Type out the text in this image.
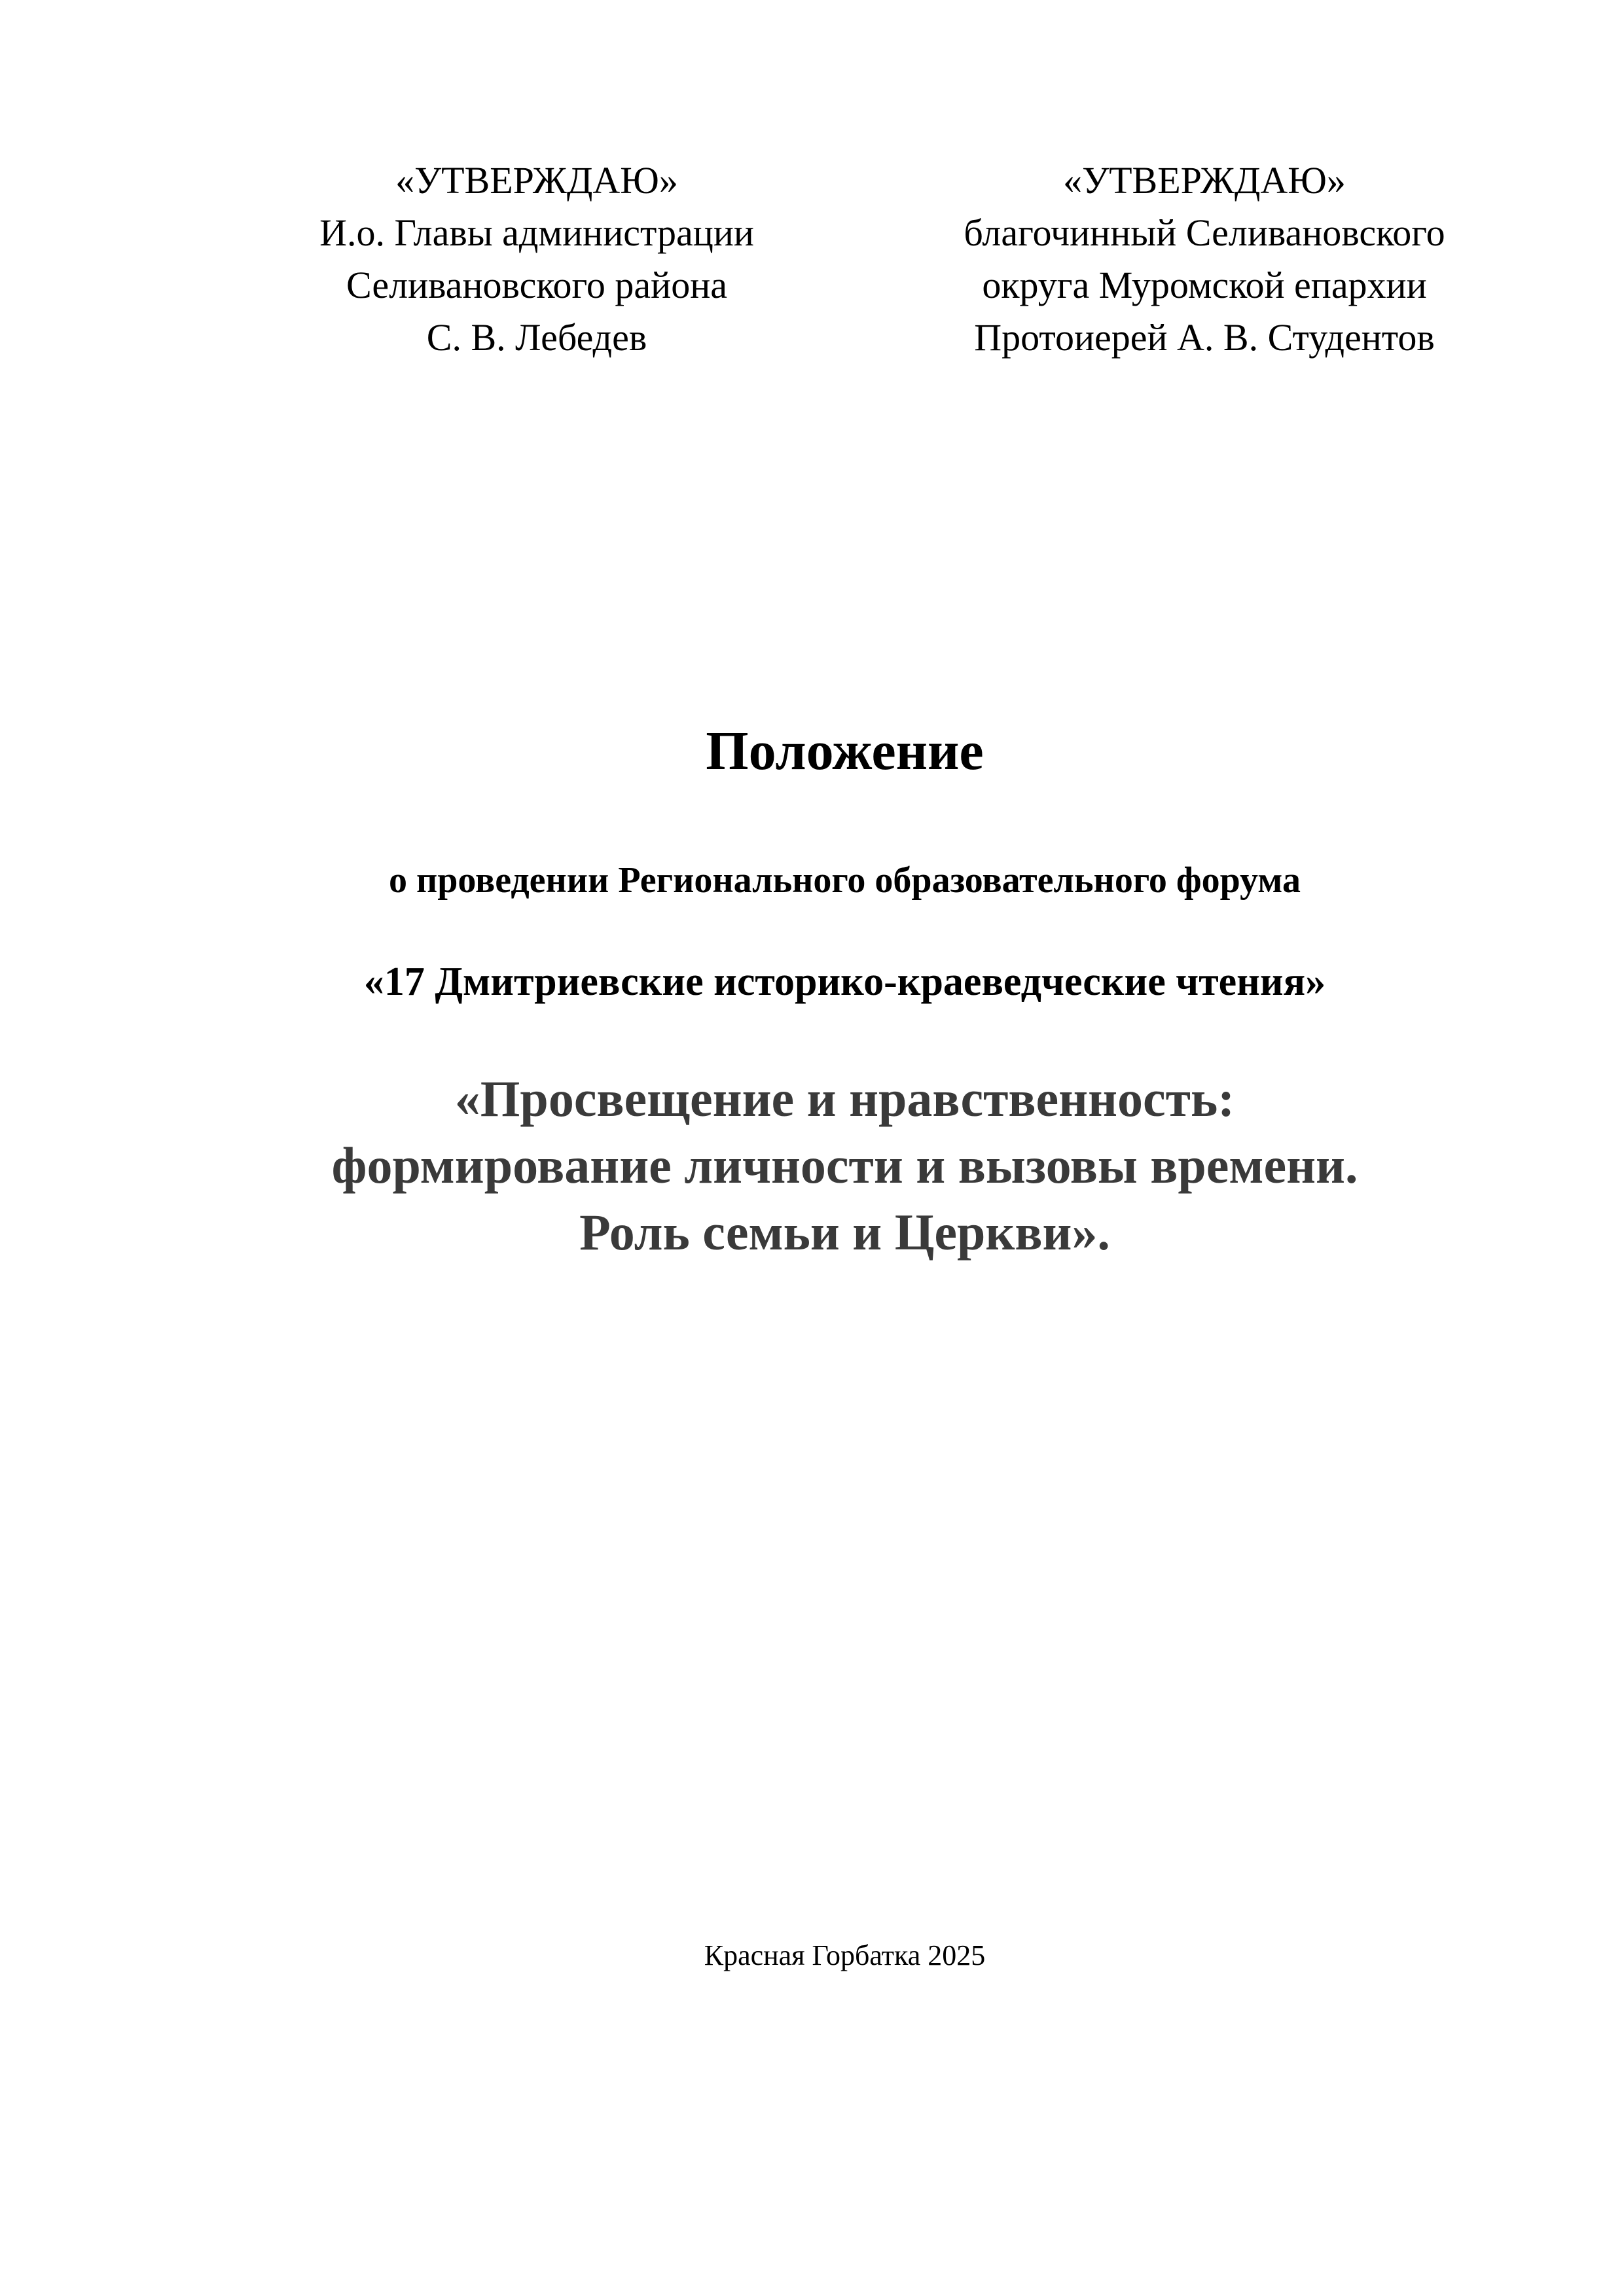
«УТВЕРЖДАЮ»
И.о. Главы администрации
Селивановского района
С. В. Лебедев
«УТВЕРЖДАЮ»
благочинный Селивановского
округа Муромской епархии
Протоиерей А. В. Студентов
Положение

о проведении Регионального образовательного форума

«17 Дмитриевские историко-краеведческие чтения»

«Просвещение и нравственность:
формирование личности и вызовы времени.
Роль семьи и Церкви».

Красная Горбатка 2025
